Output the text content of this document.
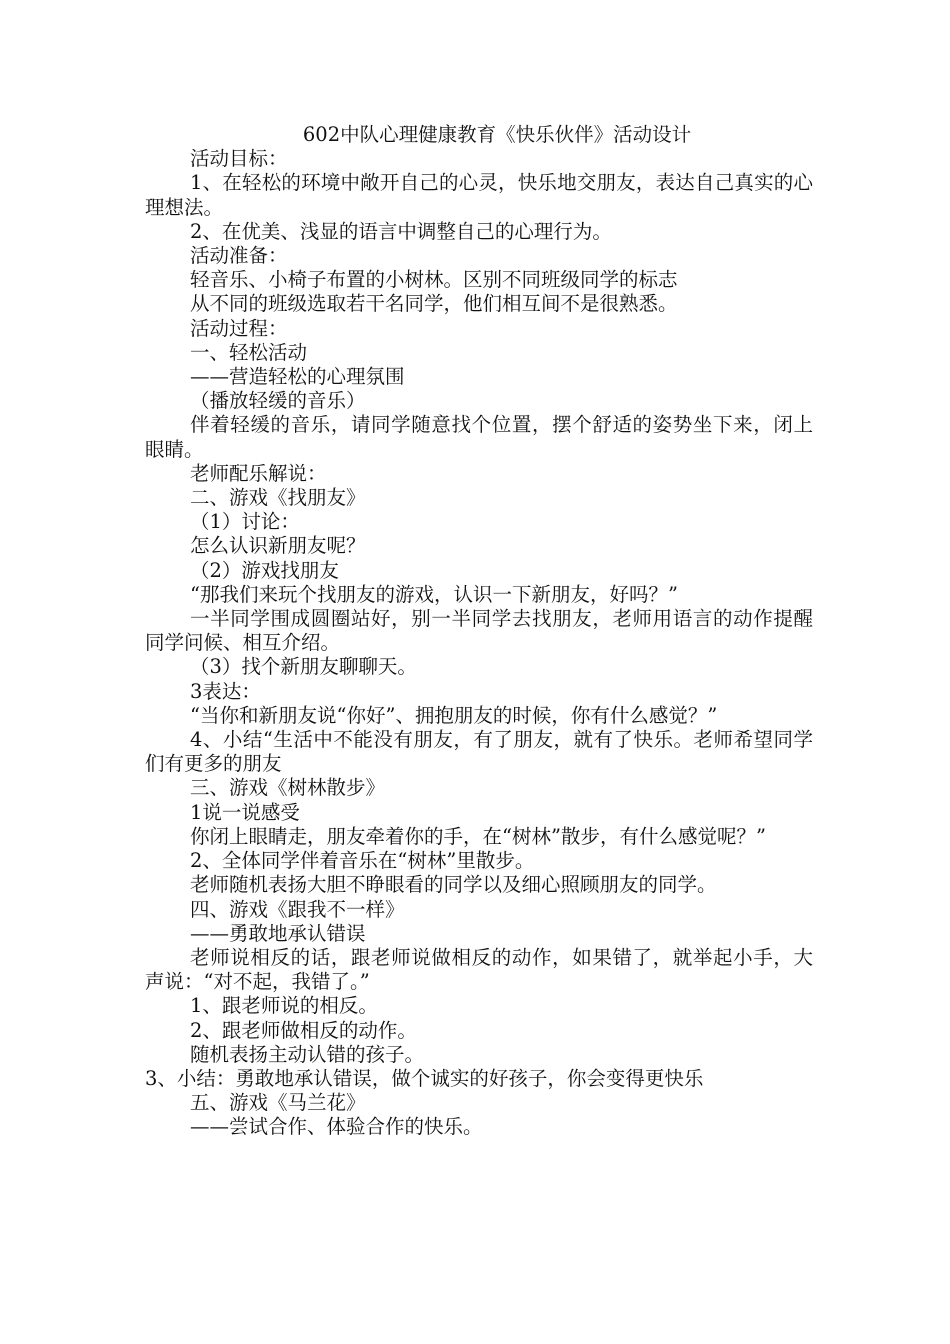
602中队心理健康教育《快乐伙伴》活动设计

活动目标：

1、在轻松的环境中敞开自己的心灵，快乐地交朋友，表达自己真实的心理想法。

2、在优美、浅显的语言中调整自己的心理行为。

活动准备：

轻音乐、小椅子布置的小树林。区别不同班级同学的标志

从不同的班级选取若干名同学，他们相互间不是很熟悉。

活动过程：

一、轻松活动

——营造轻松的心理氛围

（播放轻缓的音乐）

伴着轻缓的音乐，请同学随意找个位置，摆个舒适的姿势坐下来，闭上眼睛。

老师配乐解说：

二、游戏《找朋友》

（1）讨论：

怎么认识新朋友呢？

（2）游戏找朋友

“那我们来玩个找朋友的游戏，认识一下新朋友，好吗？”

一半同学围成圆圈站好，别一半同学去找朋友，老师用语言的动作提醒同学问候、相互介绍。

（3）找个新朋友聊聊天。

3表达：

“当你和新朋友说“你好”、拥抱朋友的时候，你有什么感觉？”

4、小结“生活中不能没有朋友，有了朋友，就有了快乐。老师希望同学们有更多的朋友

三、游戏《树林散步》

1说一说感受

你闭上眼睛走，朋友牵着你的手，在“树林”散步，有什么感觉呢？”

2、全体同学伴着音乐在“树林”里散步。

老师随机表扬大胆不睁眼看的同学以及细心照顾朋友的同学。

四、游戏《跟我不一样》

——勇敢地承认错误

老师说相反的话，跟老师说做相反的动作，如果错了，就举起小手，大声说：“对不起，我错了。”

1、跟老师说的相反。

2、跟老师做相反的动作。

随机表扬主动认错的孩子。

3、小结：勇敢地承认错误，做个诚实的好孩子，你会变得更快乐

五、游戏《马兰花》

——尝试合作、体验合作的快乐。
